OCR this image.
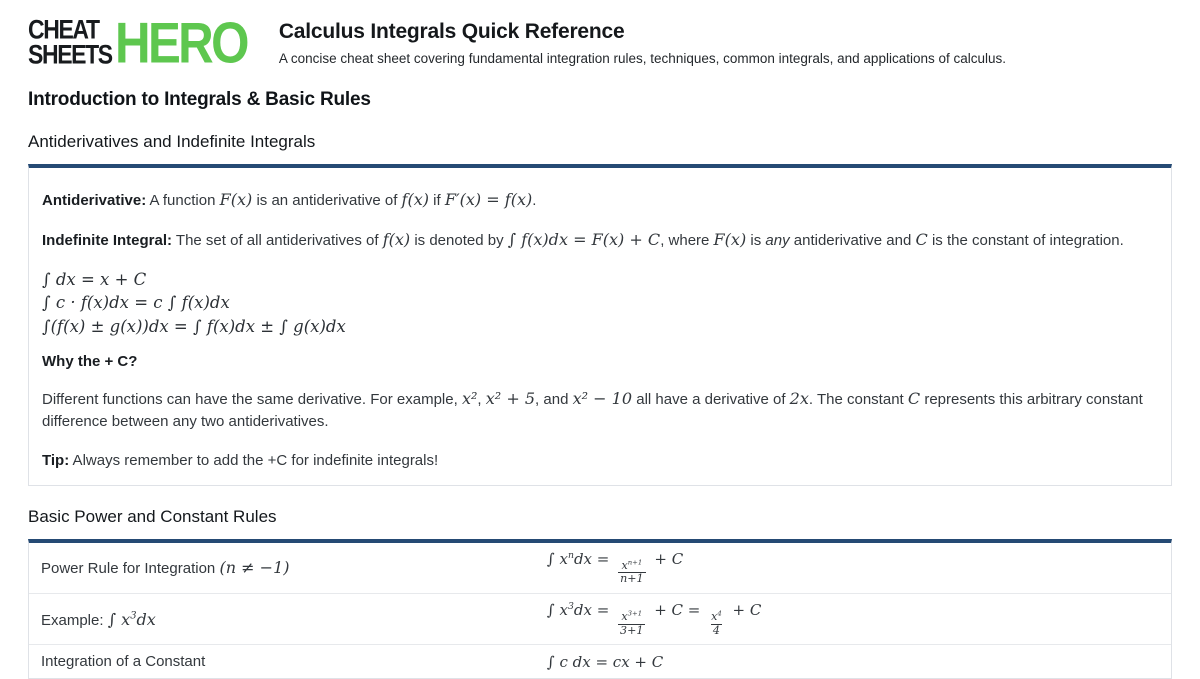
CHEAT
SHEETS HERO Calculus Integrals Quick Reference
A concise cheat sheet covering fundamental integration rules, techniques, common integrals, and applications of calculus.
Introduction to Integrals & Basic Rules
Antiderivatives and Indefinite Integrals

Antiderivative: A function F(x) is an antiderivative of f(x) if F′(x) = f(x).

Indefinite Integral: The set of all antiderivatives of f(x) is denoted by ∫ f(x)dx = F(x) + C, where F(x) is any antiderivative and C is the constant of integration.

∫ dx = x + C
∫ c · f(x)dx = c ∫ f(x)dx
∫(f(x) ± g(x))dx = ∫ f(x)dx ± ∫ g(x)dx
Why the + C?

Different functions can have the same derivative. For example, x², x² + 5, and x² − 10 all have a derivative of 2x. The constant C represents this arbitrary constant difference between any two antiderivatives.

Tip: Always remember to add the +C for indefinite integrals!

Basic Power and Constant Rules
Power Rule for Integration (n ≠ −1)	∫ $x^ndx$ =
$\frac{x^{n+1}}{n+1}$
+ C
Example: ∫ $x^3dx$	∫ $x^3dx$ =
$\frac{x^{3+1}}{3+1}$
+ C =
$\frac{x^4}{4}$
+ C
Integration of a Constant	∫ c dx = cx + C
